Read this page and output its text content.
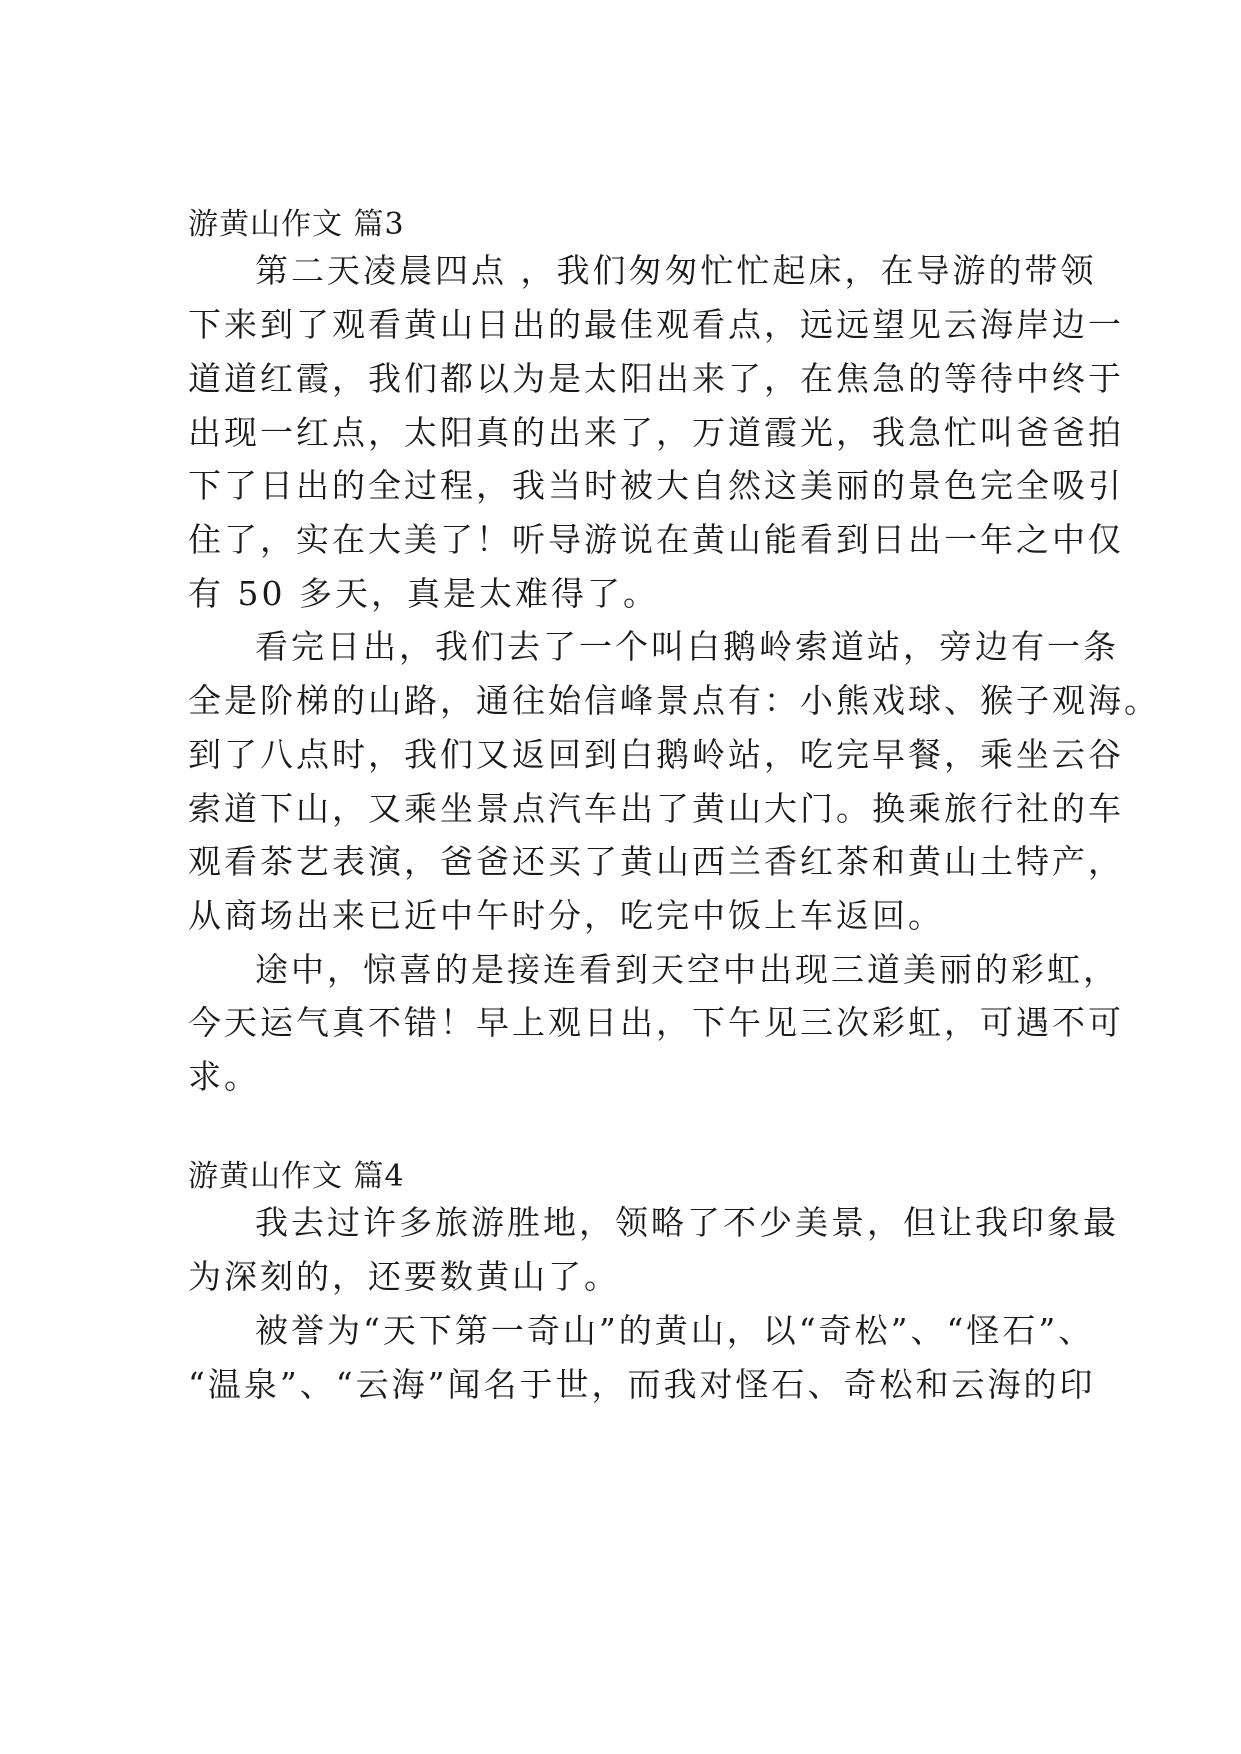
游黄山作文 篇3
第二天凌晨四点 ，我们匆匆忙忙起床，在导游的带领
下来到了观看黄山日出的最佳观看点，远远望见云海岸边一
道道红霞，我们都以为是太阳出来了，在焦急的等待中终于
出现一红点，太阳真的出来了，万道霞光，我急忙叫爸爸拍
下了日出的全过程，我当时被大自然这美丽的景色完全吸引
住了，实在大美了！听导游说在黄山能看到日出一年之中仅
有 50 多天，真是太难得了。
看完日出，我们去了一个叫白鹅岭索道站，旁边有一条
全是阶梯的山路，通往始信峰景点有：小熊戏球、猴子观海。
到了八点时，我们又返回到白鹅岭站，吃完早餐，乘坐云谷
索道下山，又乘坐景点汽车出了黄山大门。换乘旅行社的车
观看茶艺表演，爸爸还买了黄山西兰香红茶和黄山土特产，
从商场出来已近中午时分，吃完中饭上车返回。
途中，惊喜的是接连看到天空中出现三道美丽的彩虹，
今天运气真不错！早上观日出，下午见三次彩虹，可遇不可
求。
游黄山作文 篇4
我去过许多旅游胜地，领略了不少美景，但让我印象最
为深刻的，还要数黄山了。
被誉为“天下第一奇山”的黄山，以“奇松”、“怪石”、
“温泉”、“云海”闻名于世，而我对怪石、奇松和云海的印
